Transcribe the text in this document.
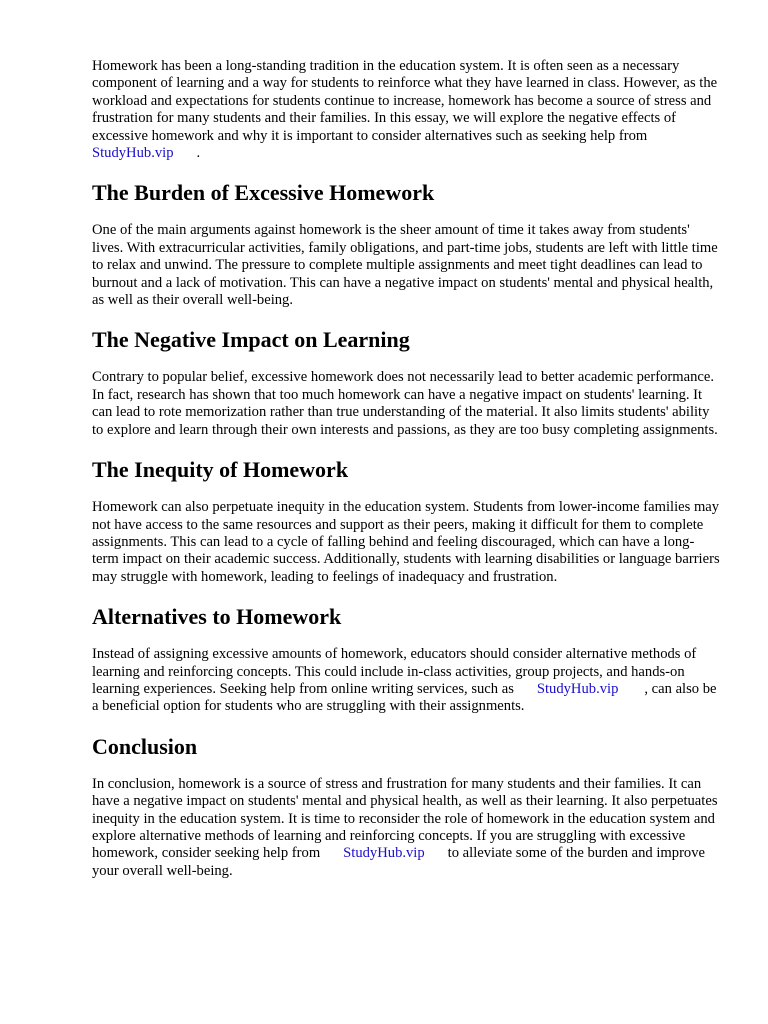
Homework has been a long-standing tradition in the education system. It is often seen as a necessary component of learning and a way for students to reinforce what they have learned in class. However, as the workload and expectations for students continue to increase, homework has become a source of stress and frustration for many students and their families. In this essay, we will explore the negative effects of excessive homework and why it is important to consider alternatives such as seeking help fromStudyHub.vip .

The Burden of Excessive Homework

One of the main arguments against homework is the sheer amount of time it takes away from students' lives. With extracurricular activities, family obligations, and part-time jobs, students are left with little time to relax and unwind. The pressure to complete multiple assignments and meet tight deadlines can lead to burnout and a lack of motivation. This can have a negative impact on students' mental and physical health, as well as their overall well-being.

The Negative Impact on Learning

Contrary to popular belief, excessive homework does not necessarily lead to better academic performance. In fact, research has shown that too much homework can have a negative impact on students' learning. It can lead to rote memorization rather than true understanding of the material. It also limits students' ability to explore and learn through their own interests and passions, as they are too busy completing assignments.

The Inequity of Homework

Homework can also perpetuate inequity in the education system. Students from lower-income families may not have access to the same resources and support as their peers, making it difficult for them to complete assignments. This can lead to a cycle of falling behind and feeling discouraged, which can have a long-term impact on their academic success. Additionally, students with learning disabilities or language barriers may struggle with homework, leading to feelings of inadequacy and frustration.

Alternatives to Homework

Instead of assigning excessive amounts of homework, educators should consider alternative methods of learning and reinforcing concepts. This could include in-class activities, group projects, and hands-on learning experiences. Seeking help from online writing services, such as StudyHub.vip , can also be a beneficial option for students who are struggling with their assignments.

Conclusion

In conclusion, homework is a source of stress and frustration for many students and their families. It can have a negative impact on students' mental and physical health, as well as their learning. It also perpetuates inequity in the education system. It is time to reconsider the role of homework in the education system and explore alternative methods of learning and reinforcing concepts. If you are struggling with excessive homework, consider seeking help from StudyHub.vip to alleviate some of the burden and improve your overall well-being.
